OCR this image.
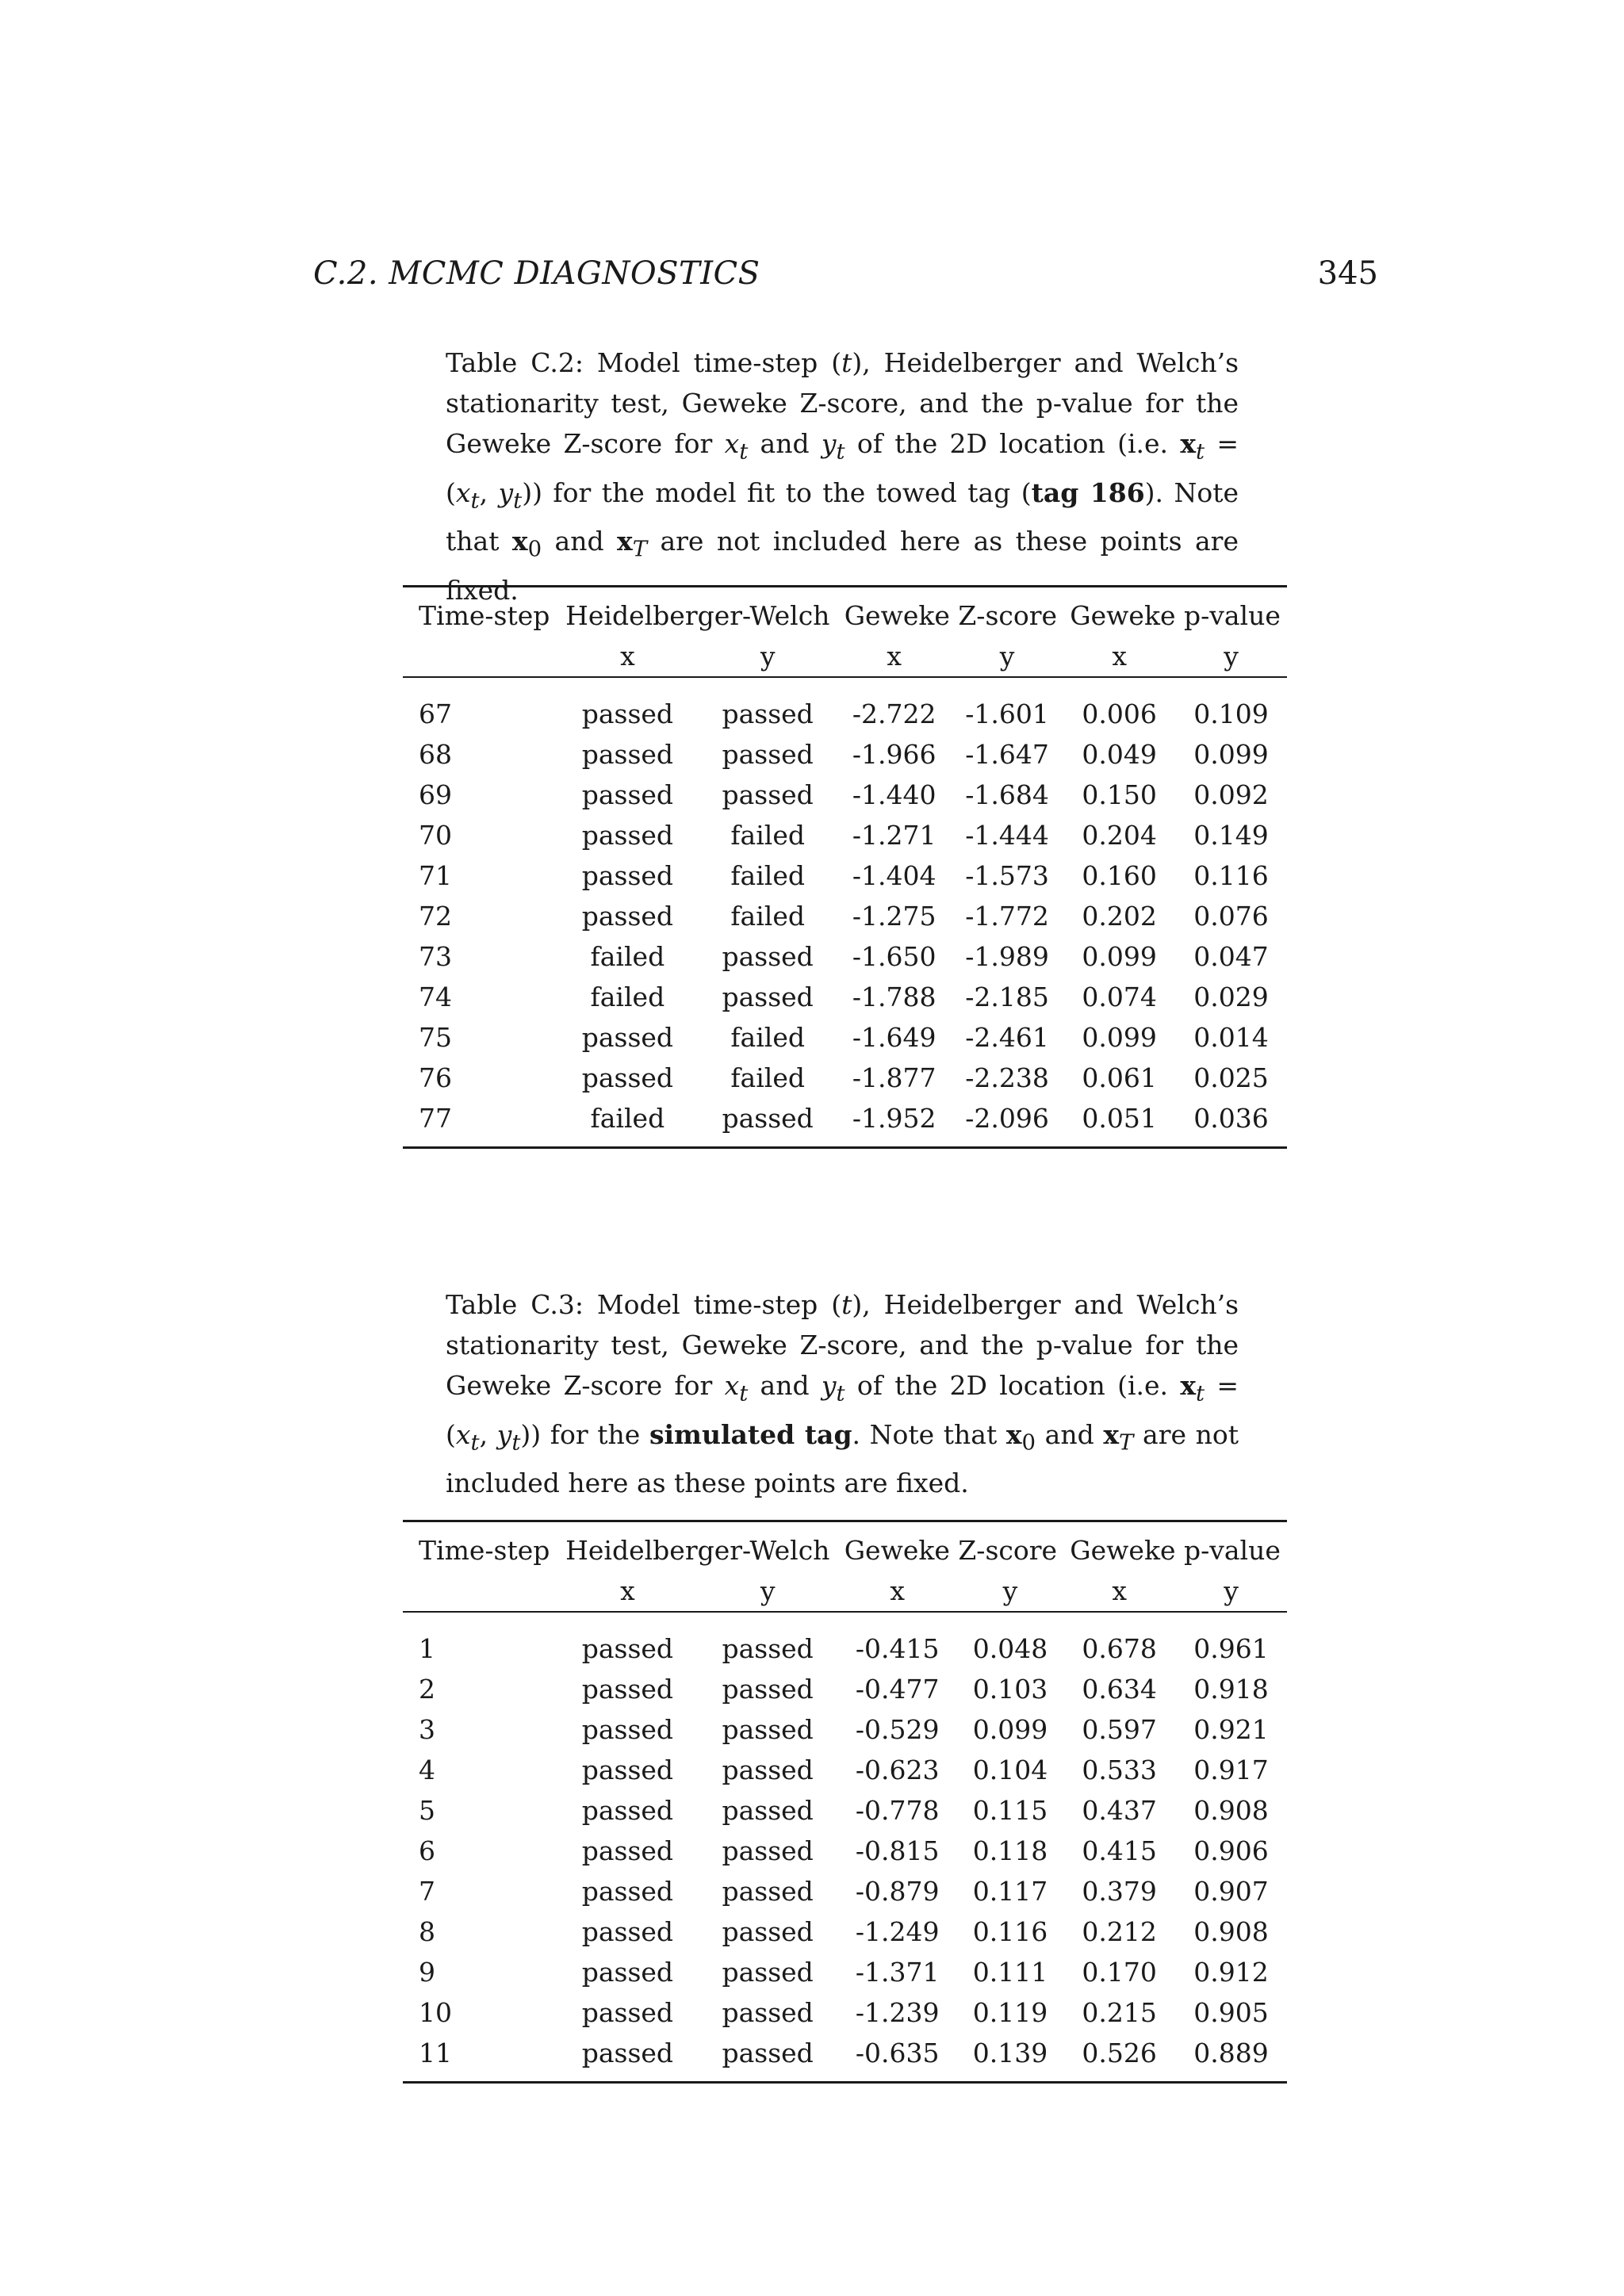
C.2. MCMC DIAGNOSTICS	345
Table C.2: Model time-step (t), Heidelberger and Welch’s stationarity test, Geweke Z-score, and the p-value for the Geweke Z-score for $x_t$ and $y_t$ of the 2D location (i.e. $x_t = (x_t$, $y_t$)) for the model fit to the towed tag (tag 186). Note that $x_0$ and $x_T$ are not included here as these points are fixed.
Time-step	Heidelberger-Welch		Geweke Z-score		Geweke p-value	
	x	y	x	y	x	y

67	passed	passed	-2.722	-1.601	0.006	0.109
68	passed	passed	-1.966	-1.647	0.049	0.099
69	passed	passed	-1.440	-1.684	0.150	0.092
70	passed	failed	-1.271	-1.444	0.204	0.149
71	passed	failed	-1.404	-1.573	0.160	0.116
72	passed	failed	-1.275	-1.772	0.202	0.076
73	failed	passed	-1.650	-1.989	0.099	0.047
74	failed	passed	-1.788	-2.185	0.074	0.029
75	passed	failed	-1.649	-2.461	0.099	0.014
76	passed	failed	-1.877	-2.238	0.061	0.025
77	failed	passed	-1.952	-2.096	0.051	0.036

Table C.3: Model time-step (t), Heidelberger and Welch’s stationarity test, Geweke Z-score, and the p-value for the Geweke Z-score for $x_t$ and $y_t$ of the 2D location (i.e. $x_t = (x_t$, $y_t$)) for the simulated tag. Note that $x_0$ and $x_T$ are not included here as these points are fixed.
Time-step	Heidelberger-Welch		Geweke Z-score		Geweke p-value	
	x	y	x	y	x	y

1	passed	passed	-0.415	0.048	0.678	0.961
2	passed	passed	-0.477	0.103	0.634	0.918
3	passed	passed	-0.529	0.099	0.597	0.921
4	passed	passed	-0.623	0.104	0.533	0.917
5	passed	passed	-0.778	0.115	0.437	0.908
6	passed	passed	-0.815	0.118	0.415	0.906
7	passed	passed	-0.879	0.117	0.379	0.907
8	passed	passed	-1.249	0.116	0.212	0.908
9	passed	passed	-1.371	0.111	0.170	0.912
10	passed	passed	-1.239	0.119	0.215	0.905
11	passed	passed	-0.635	0.139	0.526	0.889
